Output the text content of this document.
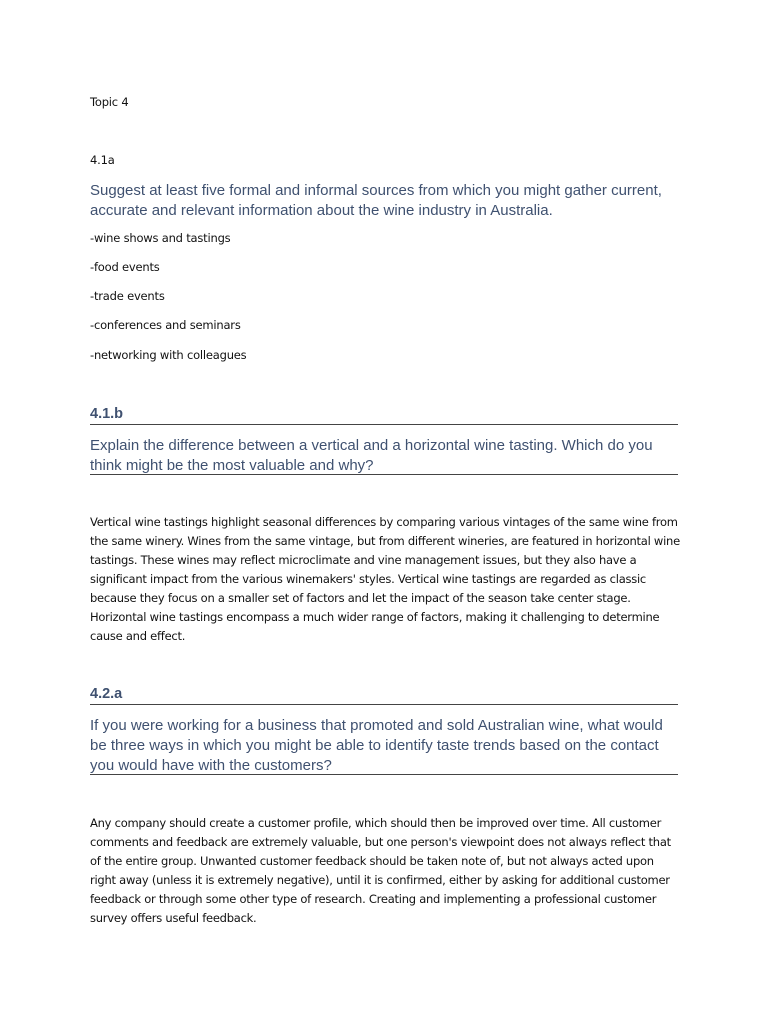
Topic 4
4.1a
Suggest at least five formal and informal sources from which you might gather current, accurate and relevant information about the wine industry in Australia.
-wine shows and tastings
-food events
-trade events
-conferences and seminars
-networking with colleagues
4.1.b
Explain the difference between a vertical and a horizontal wine tasting. Which do you think might be the most valuable and why?
Vertical wine tastings highlight seasonal differences by comparing various vintages of the same wine from the same winery. Wines from the same vintage, but from different wineries, are featured in horizontal wine tastings. These wines may reflect microclimate and vine management issues, but they also have a significant impact from the various winemakers' styles. Vertical wine tastings are regarded as classic because they focus on a smaller set of factors and let the impact of the season take center stage. Horizontal wine tastings encompass a much wider range of factors, making it challenging to determine cause and effect.
4.2.a
If you were working for a business that promoted and sold Australian wine, what would be three ways in which you might be able to identify taste trends based on the contact you would have with the customers?
Any company should create a customer profile, which should then be improved over time. All customer comments and feedback are extremely valuable, but one person's viewpoint does not always reflect that of the entire group. Unwanted customer feedback should be taken note of, but not always acted upon right away (unless it is extremely negative), until it is confirmed, either by asking for additional customer feedback or through some other type of research. Creating and implementing a professional customer survey offers useful feedback.
